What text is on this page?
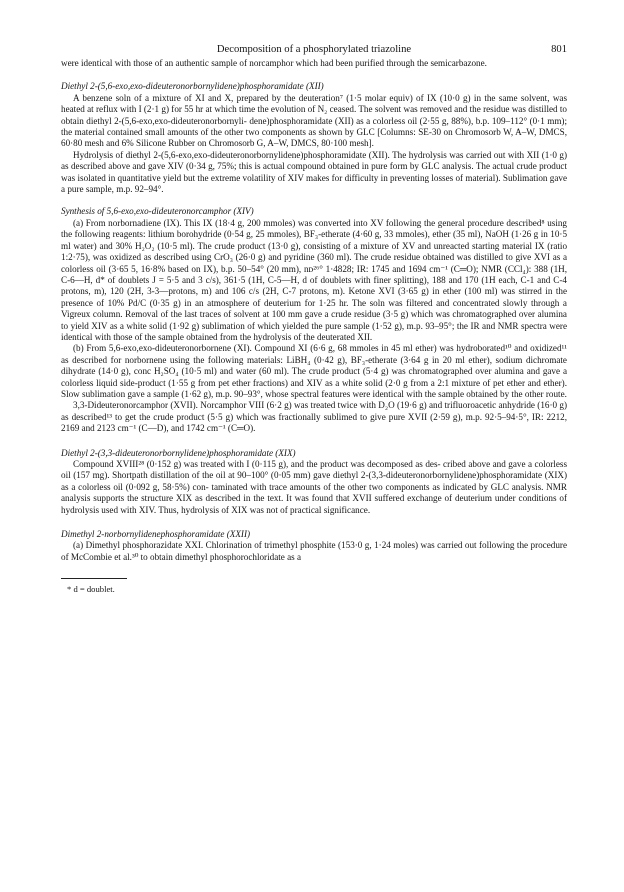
Decomposition of a phosphorylated triazoline	801

were identical with those of an authentic sample of norcamphor which had been purified through the semicarbazone.

Diethyl 2-(5,6-exo,exo-dideuteronorbornylidene)phosphoramidate (XII)

A benzene soln of a mixture of XI and X, prepared by the deuteration⁷ (1·5 molar equiv) of IX (10·0 g) in the same solvent, was heated at reflux with I (2·1 g) for 55 hr at which time the evolution of N₂ ceased. The solvent was removed and the residue was distilled to obtain diethyl 2-(5,6-exo,exo-dideuteronorbornyli- dene)phosphoramidate (XII) as a colorless oil (2·55 g, 88%), b.p. 109–112° (0·1 mm); the material contained small amounts of the other two components as shown by GLC [Columns: SE-30 on Chromosorb W, A–W, DMCS, 60·80 mesh and 6% Silicone Rubber on Chromosorb G, A–W, DMCS, 80·100 mesh].

Hydrolysis of diethyl 2-(5,6-exo,exo-dideuteronorbornylidene)phosphoramidate (XII). The hydrolysis was carried out with XII (1·0 g) as described above and gave XIV (0·34 g, 75%; this is actual compound obtained in pure form by GLC analysis. The actual crude product was isolated in quantitative yield but the extreme volatility of XIV makes for difficulty in preventing losses of material). Sublimation gave a pure sample, m.p. 92–94°.

Synthesis of 5,6-exo,exo-dideuteronorcamphor (XIV)

(a) From norbornadiene (IX). This IX (18·4 g, 200 mmoles) was converted into XV following the general procedure described⁸ using the following reagents: lithium borohydride (0·54 g, 25 mmoles), BF₃-etherate (4·60 g, 33 mmoles), ether (35 ml), NaOH (1·26 g in 10·5 ml water) and 30% H₂O₂ (10·5 ml). The crude product (13·0 g), consisting of a mixture of XV and unreacted starting material IX (ratio 1:2·75), was oxidized as described using CrO₃ (26·0 g) and pyridine (360 ml). The crude residue obtained was distilled to give XVI as a colorless oil (3·65 5, 16·8% based on IX), b.p. 50–54° (20 mm), nᴅ²⁶° 1·4828; IR: 1745 and 1694 cm⁻¹ (C═O); NMR (CCl₄): 388 (1H, C-6—H, d* of doublets J = 5·5 and 3 c/s), 361·5 (1H, C-5—H, d of doublets with finer splitting), 188 and 170 (1H each, C-1 and C-4 protons, m), 120 (2H, 3-3—protons, m) and 106 c/s (2H, C-7 protons, m). Ketone XVI (3·65 g) in ether (100 ml) was stirred in the presence of 10% Pd/C (0·35 g) in an atmosphere of deuterium for 1·25 hr. The soln was filtered and concentrated slowly through a Vigreux column. Removal of the last traces of solvent at 100 mm gave a crude residue (3·5 g) which was chromatographed over alumina to yield XIV as a white solid (1·92 g) sublimation of which yielded the pure sample (1·52 g), m.p. 93–95°; the IR and NMR spectra were identical with those of the sample obtained from the hydrolysis of the deuterated XII.

(b) From 5,6-exo,exo-dideuteronorbornene (XI). Compound XI (6·6 g, 68 mmoles in 45 ml ether) was hydroborated¹⁰ and oxidized¹¹ as described for norbornene using the following materials: LiBH₄ (0·42 g), BF₃-etherate (3·64 g in 20 ml ether), sodium dichromate dihydrate (14·0 g), conc H₂SO₄ (10·5 ml) and water (60 ml). The crude product (5·4 g) was chromatographed over alumina and gave a colorless liquid side-product (1·55 g from pet ether fractions) and XIV as a white solid (2·0 g from a 2:1 mixture of pet ether and ether). Slow sublimation gave a sample (1·62 g), m.p. 90–93°, whose spectral features were identical with the sample obtained by the other route.

3,3-Dideuteronorcamphor (XVII). Norcamphor VIII (6·2 g) was treated twice with D₂O (19·6 g) and trifluoroacetic anhydride (16·0 g) as described¹³ to get the crude product (5·5 g) which was fractionally sublimed to give pure XVII (2·59 g), m.p. 92·5–94·5°, IR: 2212, 2169 and 2123 cm⁻¹ (C—D), and 1742 cm⁻¹ (C═O).

Diethyl 2-(3,3-dideuteronorbornylidene)phosphoramidate (XIX)

Compound XVIII²⁸ (0·152 g) was treated with I (0·115 g), and the product was decomposed as des- cribed above and gave a colorless oil (157 mg). Shortpath distillation of the oil at 90–100° (0·05 mm) gave diethyl 2-(3,3-dideuteronorbornylidene)phosphoramidate (XIX) as a colorless oil (0·092 g, 58·5%) con- taminated with trace amounts of the other two components as indicated by GLC analysis. NMR analysis supports the structure XIX as described in the text. It was found that XVII suffered exchange of deuterium under conditions of hydrolysis used with XIV. Thus, hydrolysis of XIX was not of practical significance.

Dimethyl 2-norbornylidenephosphoramidate (XXII)

(a) Dimethyl phosphorazidate XXI. Chlorination of trimethyl phosphite (153·0 g, 1·24 moles) was carried out following the procedure of McCombie et al.³⁰ to obtain dimethyl phosphorochloridate as a

* d = doublet.
